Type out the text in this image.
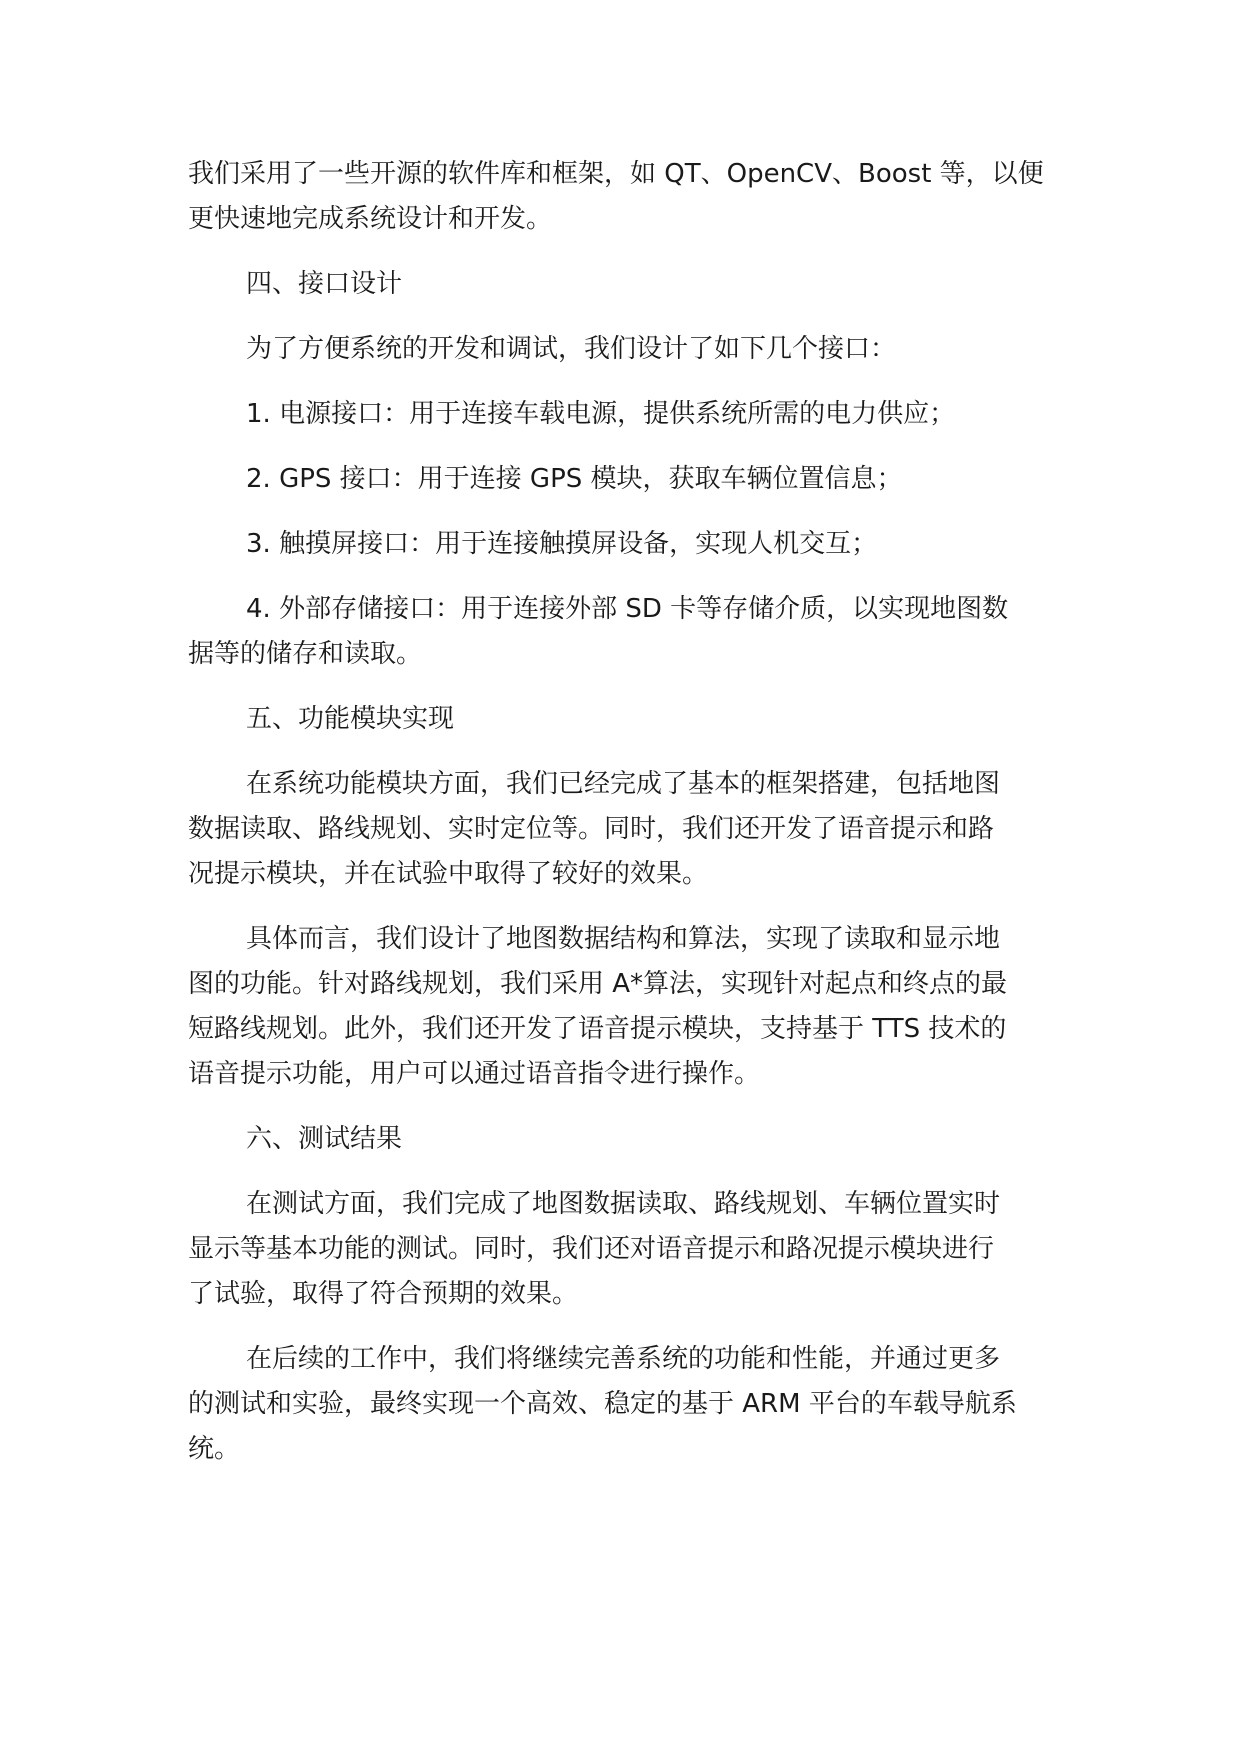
我们采用了一些开源的软件库和框架，如 QT、OpenCV、Boost 等，以便

更快速地完成系统设计和开发。

四、接口设计

为了方便系统的开发和调试，我们设计了如下几个接口：

1. 电源接口：用于连接车载电源，提供系统所需的电力供应；

2. GPS 接口：用于连接 GPS 模块，获取车辆位置信息；

3. 触摸屏接口：用于连接触摸屏设备，实现人机交互；

4. 外部存储接口：用于连接外部 SD 卡等存储介质，以实现地图数

据等的储存和读取。

五、功能模块实现

在系统功能模块方面，我们已经完成了基本的框架搭建，包括地图

数据读取、路线规划、实时定位等。同时，我们还开发了语音提示和路

况提示模块，并在试验中取得了较好的效果。

具体而言，我们设计了地图数据结构和算法，实现了读取和显示地

图的功能。针对路线规划，我们采用 A*算法，实现针对起点和终点的最

短路线规划。此外，我们还开发了语音提示模块，支持基于 TTS 技术的

语音提示功能，用户可以通过语音指令进行操作。

六、测试结果

在测试方面，我们完成了地图数据读取、路线规划、车辆位置实时

显示等基本功能的测试。同时，我们还对语音提示和路况提示模块进行

了试验，取得了符合预期的效果。

在后续的工作中，我们将继续完善系统的功能和性能，并通过更多

的测试和实验，最终实现一个高效、稳定的基于 ARM 平台的车载导航系

统。
